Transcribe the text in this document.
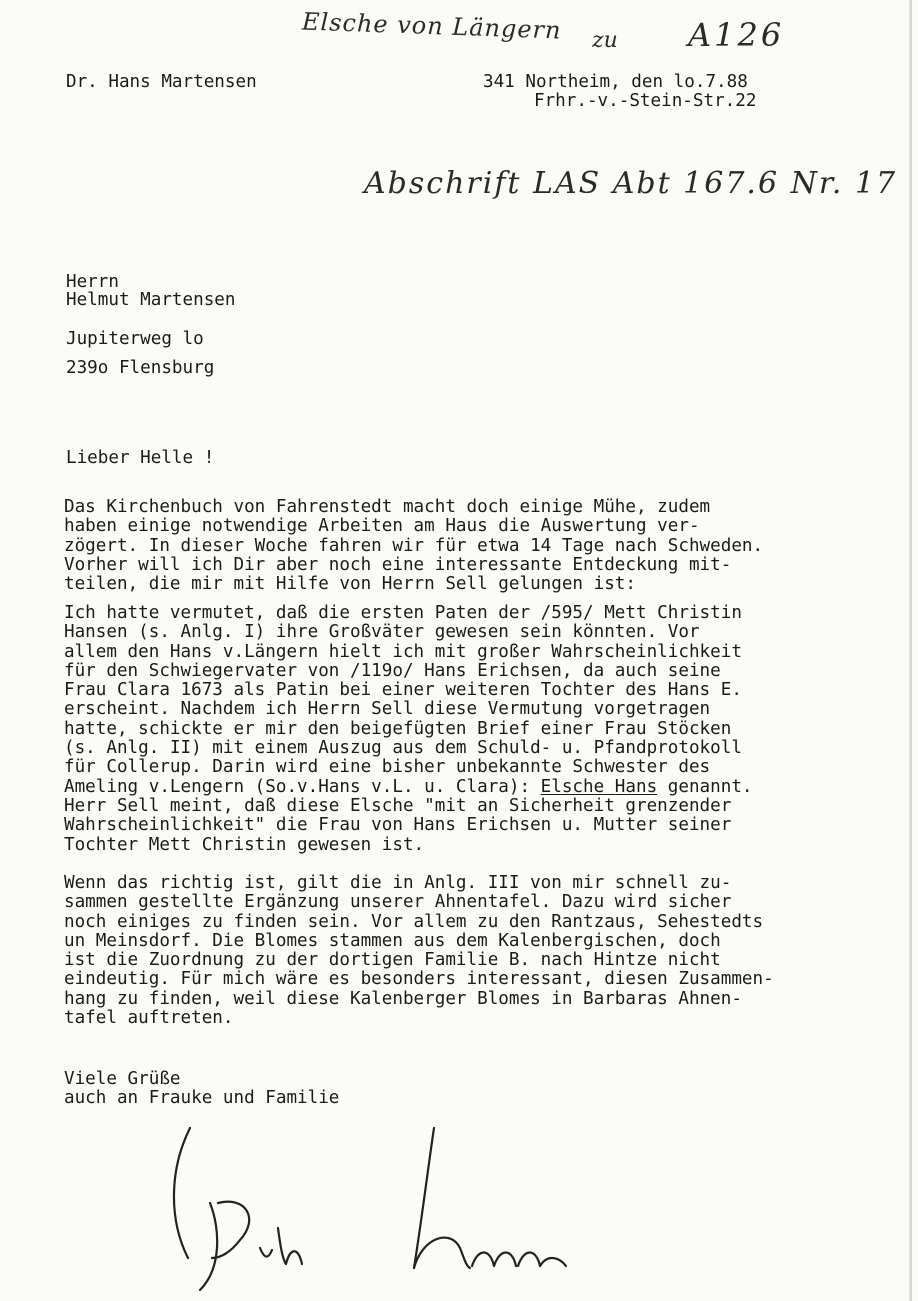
Elsche von Längern zu A126
Abschrift LAS Abt 167.6 Nr. 17
Dr. Hans Martensen	341 Northeim, den lo.7.88
Frhr.-v.-Stein-Str.22
Herrn
Helmut Martensen
Jupiterweg lo
239o Flensburg
Lieber Helle !
Das Kirchenbuch von Fahrenstedt macht doch einige Mühe, zudem
haben einige notwendige Arbeiten am Haus die Auswertung ver-
zögert. In dieser Woche fahren wir für etwa 14 Tage nach Schweden.
Vorher will ich Dir aber noch eine interessante Entdeckung mit-
teilen, die mir mit Hilfe von Herrn Sell gelungen ist:
Ich hatte vermutet, daß die ersten Paten der /595/ Mett Christin
Hansen (s. Anlg. I) ihre Großväter gewesen sein könnten. Vor
allem den Hans v.Längern hielt ich mit großer Wahrscheinlichkeit
für den Schwiegervater von /119o/ Hans Erichsen, da auch seine
Frau Clara 1673 als Patin bei einer weiteren Tochter des Hans E.
erscheint. Nachdem ich Herrn Sell diese Vermutung vorgetragen
hatte, schickte er mir den beigefügten Brief einer Frau Stöcken
(s. Anlg. II) mit einem Auszug aus dem Schuld- u. Pfandprotokoll
für Collerup. Darin wird eine bisher unbekannte Schwester des
Ameling v.Lengern (So.v.Hans v.L. u. Clara): Elsche Hans genannt.
Herr Sell meint, daß diese Elsche "mit an Sicherheit grenzender
Wahrscheinlichkeit" die Frau von Hans Erichsen u. Mutter seiner
Tochter Mett Christin gewesen ist.
Wenn das richtig ist, gilt die in Anlg. III von mir schnell zu-
sammen gestellte Ergänzung unserer Ahnentafel. Dazu wird sicher
noch einiges zu finden sein. Vor allem zu den Rantzaus, Sehestedts
un Meinsdorf. Die Blomes stammen aus dem Kalenbergischen, doch
ist die Zuordnung zu der dortigen Familie B. nach Hintze nicht
eindeutig. Für mich wäre es besonders interessant, diesen Zusammen-
hang zu finden, weil diese Kalenberger Blomes in Barbaras Ahnen-
tafel auftreten.
Viele Grüße
auch an Frauke und Familie
